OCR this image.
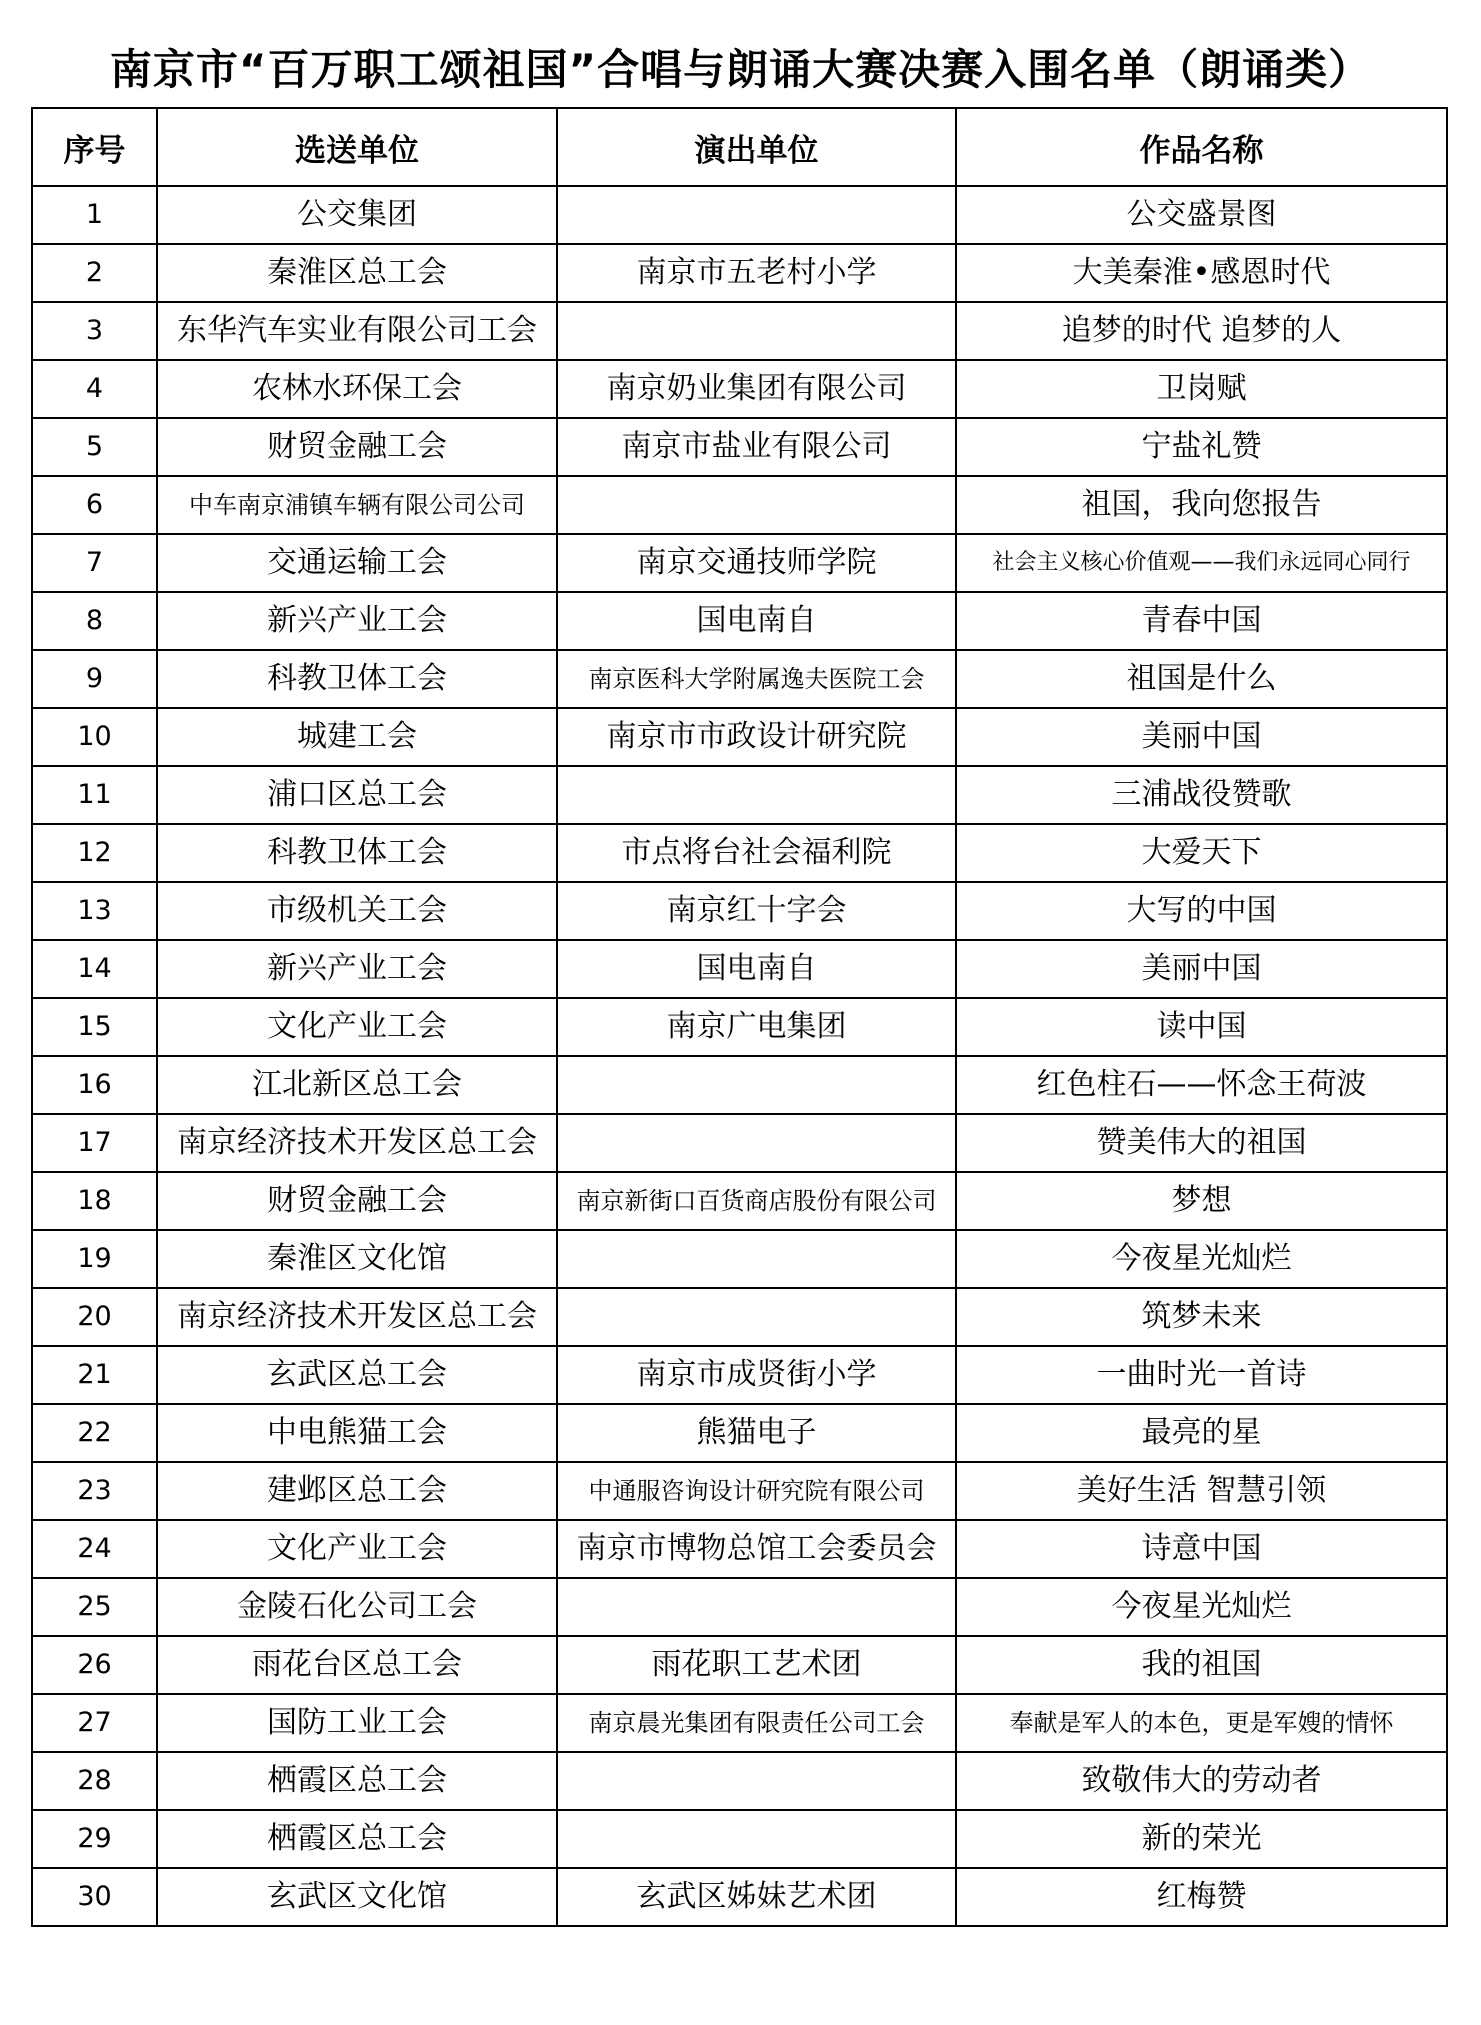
南京市“百万职工颂祖国”合唱与朗诵大赛决赛入围名单（朗诵类）
序号	选送单位	演出单位	作品名称
1	公交集团		公交盛景图
2	秦淮区总工会	南京市五老村小学	大美秦淮•感恩时代
3	东华汽车实业有限公司工会		追梦的时代 追梦的人
4	农林水环保工会	南京奶业集团有限公司	卫岗赋
5	财贸金融工会	南京市盐业有限公司	宁盐礼赞
6	中车南京浦镇车辆有限公司公司		祖国，我向您报告
7	交通运输工会	南京交通技师学院	社会主义核心价值观——我们永远同心同行
8	新兴产业工会	国电南自	青春中国
9	科教卫体工会	南京医科大学附属逸夫医院工会	祖国是什么
10	城建工会	南京市市政设计研究院	美丽中国
11	浦口区总工会		三浦战役赞歌
12	科教卫体工会	市点将台社会福利院	大爱天下
13	市级机关工会	南京红十字会	大写的中国
14	新兴产业工会	国电南自	美丽中国
15	文化产业工会	南京广电集团	读中国
16	江北新区总工会		红色柱石——怀念王荷波
17	南京经济技术开发区总工会		赞美伟大的祖国
18	财贸金融工会	南京新街口百货商店股份有限公司	梦想
19	秦淮区文化馆		今夜星光灿烂
20	南京经济技术开发区总工会		筑梦未来
21	玄武区总工会	南京市成贤街小学	一曲时光一首诗
22	中电熊猫工会	熊猫电子	最亮的星
23	建邺区总工会	中通服咨询设计研究院有限公司	美好生活 智慧引领
24	文化产业工会	南京市博物总馆工会委员会	诗意中国
25	金陵石化公司工会		今夜星光灿烂
26	雨花台区总工会	雨花职工艺术团	我的祖国
27	国防工业工会	南京晨光集团有限责任公司工会	奉献是军人的本色，更是军嫂的情怀
28	栖霞区总工会		致敬伟大的劳动者
29	栖霞区总工会		新的荣光
30	玄武区文化馆	玄武区姊妹艺术团	红梅赞
